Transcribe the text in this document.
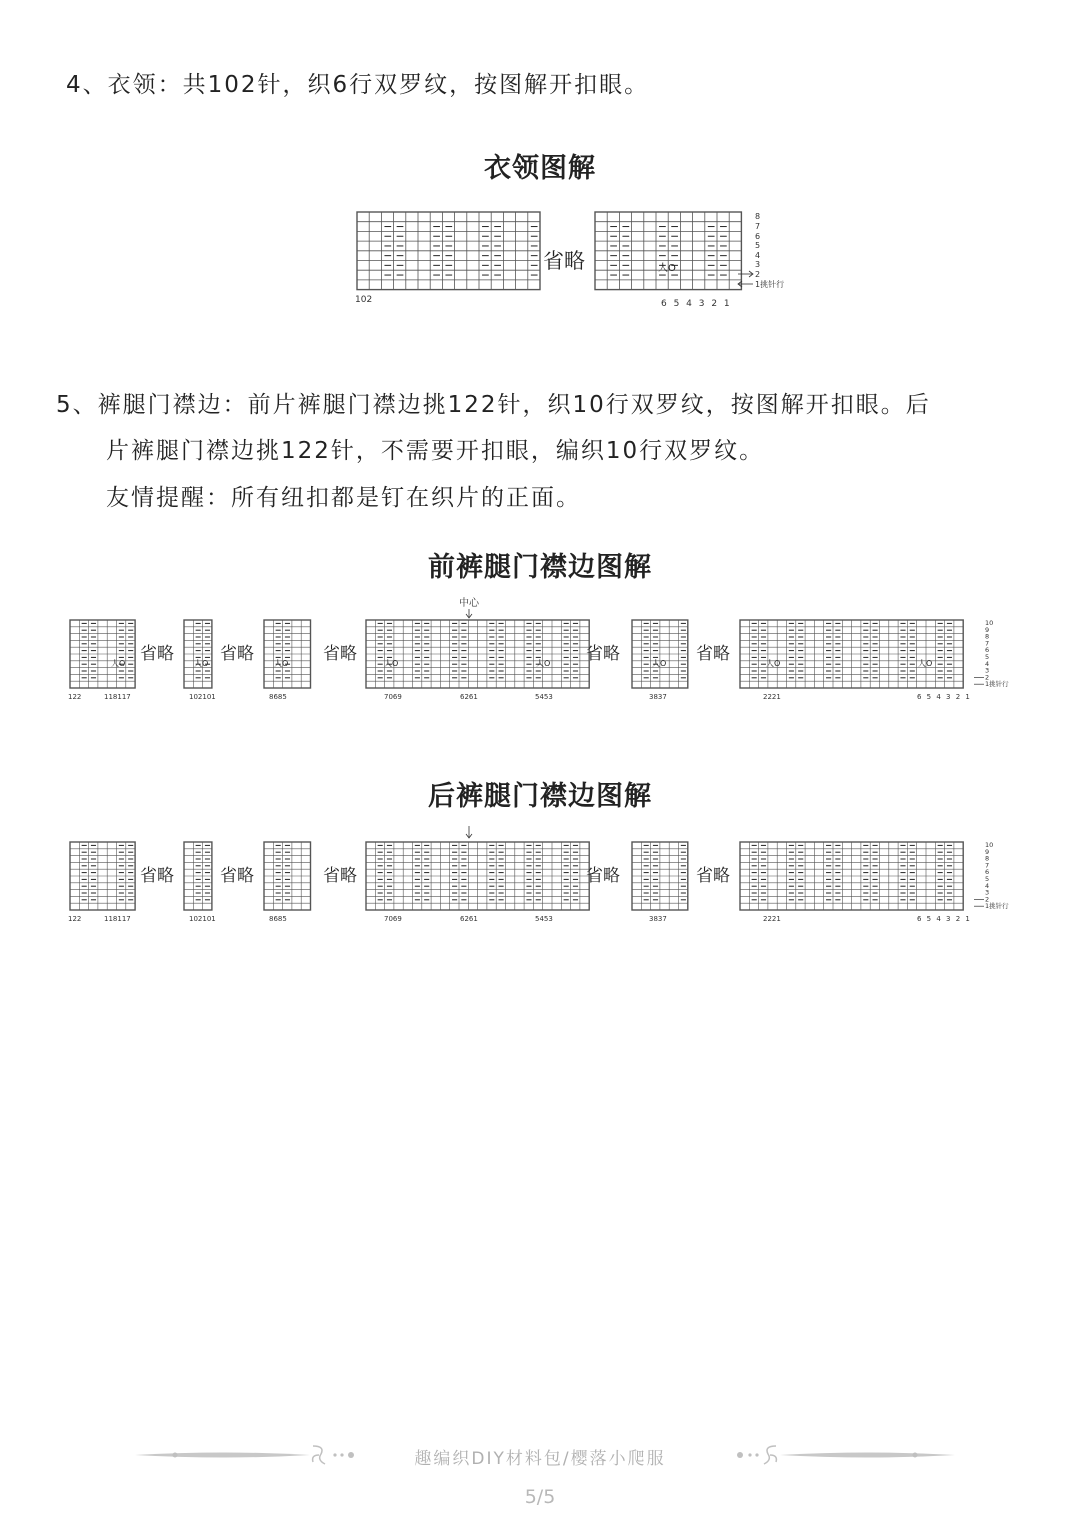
4、衣领：共102针，织6行双罗纹，按图解开扣眼。
衣领图解
省略
102	6 5 4 3 2 1
人O
8
7
6
5
4
3
2
1挑针行
5、裤腿门襟边：前片裤腿门襟边挑122针，织10行双罗纹，按图解开扣眼。后
片裤腿门襟边挑122针，不需要开扣眼，编织10行双罗纹。
友情提醒：所有纽扣都是钉在织片的正面。
前裤腿门襟边图解
人O	人O	人O	人O	人O	人O	人O	人O
中心
省略	省略	省略	省略	省略
122	118117	102101	8685	7069	6261	5453	3837	2221	6 5 4 3 2 1
10
9
8
7
6
5
4
3
2
1挑针行
后裤腿门襟边图解
省略	省略	省略	省略	省略
122	118117	102101	8685	7069	6261	5453	3837	2221	6 5 4 3 2 1
10
9
8
7
6
5
4
3
2
1挑针行
趣编织DIY材料包/樱落小爬服
5/5
